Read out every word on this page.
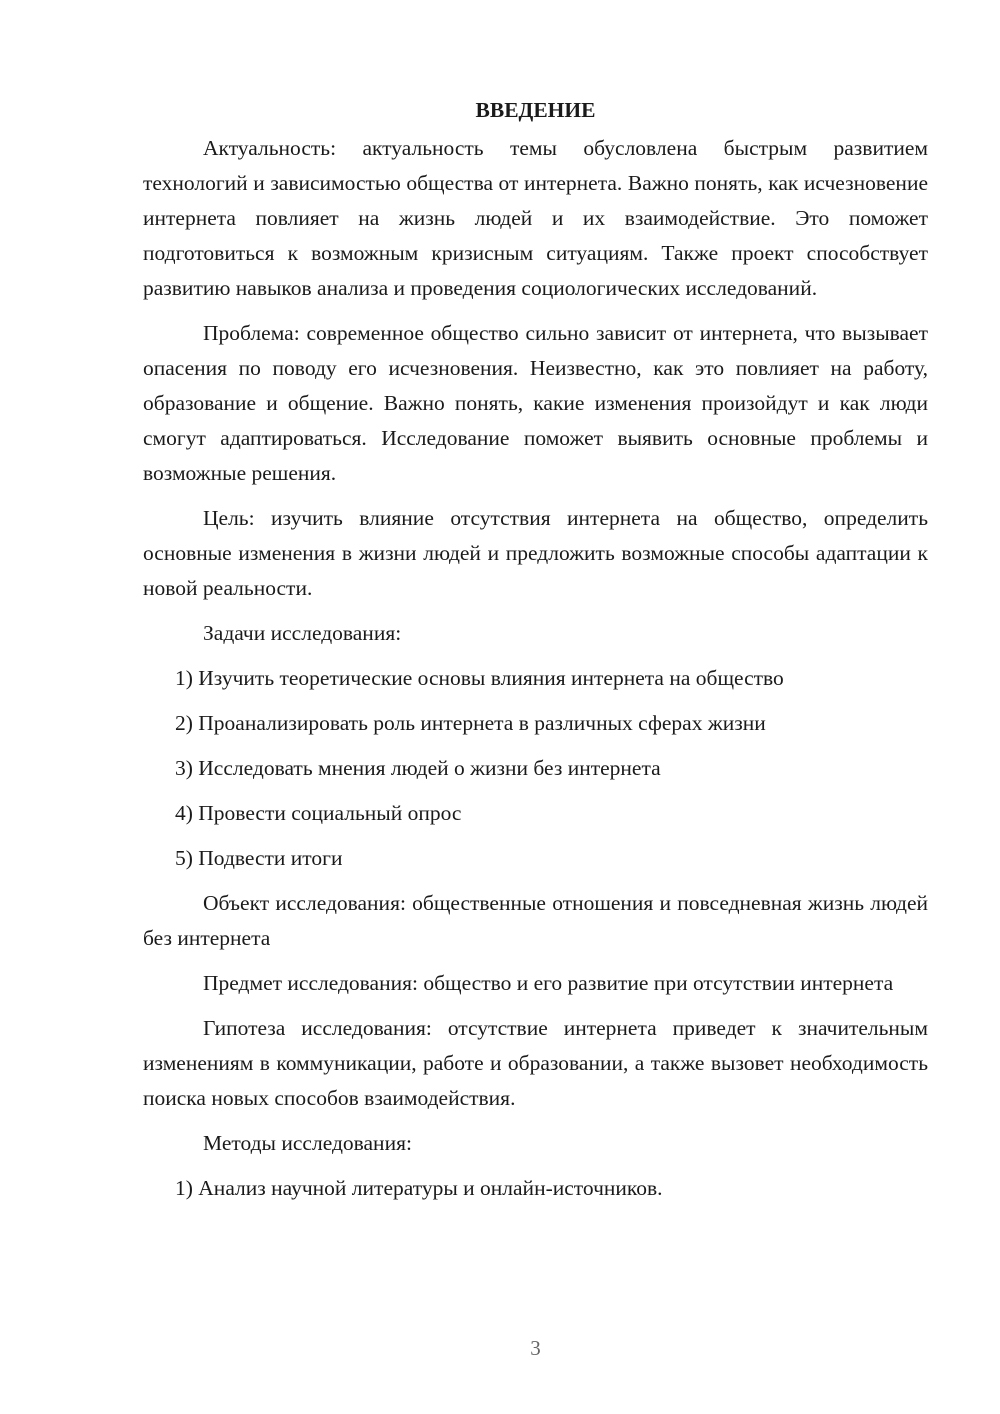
ВВЕДЕНИЕ

Актуальность: актуальность темы обусловлена быстрым развитием технологий и зависимостью общества от интернета. Важно понять, как исчезновение интернета повлияет на жизнь людей и их взаимодействие. Это поможет подготовиться к возможным кризисным ситуациям. Также проект способствует развитию навыков анализа и проведения социологических исследований.

Проблема: современное общество сильно зависит от интернета, что вызывает опасения по поводу его исчезновения. Неизвестно, как это повлияет на работу, образование и общение. Важно понять, какие изменения произойдут и как люди смогут адаптироваться. Исследование поможет выявить основные проблемы и возможные решения.

Цель: изучить влияние отсутствия интернета на общество, определить основные изменения в жизни людей и предложить возможные способы адаптации к новой реальности.

Задачи исследования:

1) Изучить теоретические основы влияния интернета на общество

2) Проанализировать роль интернета в различных сферах жизни

3) Исследовать мнения людей о жизни без интернета

4) Провести социальный опрос

5) Подвести итоги

Объект исследования: общественные отношения и повседневная жизнь людей без интернета

Предмет исследования: общество и его развитие при отсутствии интернета

Гипотеза исследования: отсутствие интернета приведет к значительным изменениям в коммуникации, работе и образовании, а также вызовет необходимость поиска новых способов взаимодействия.

Методы исследования:

1) Анализ научной литературы и онлайн-источников.

3
